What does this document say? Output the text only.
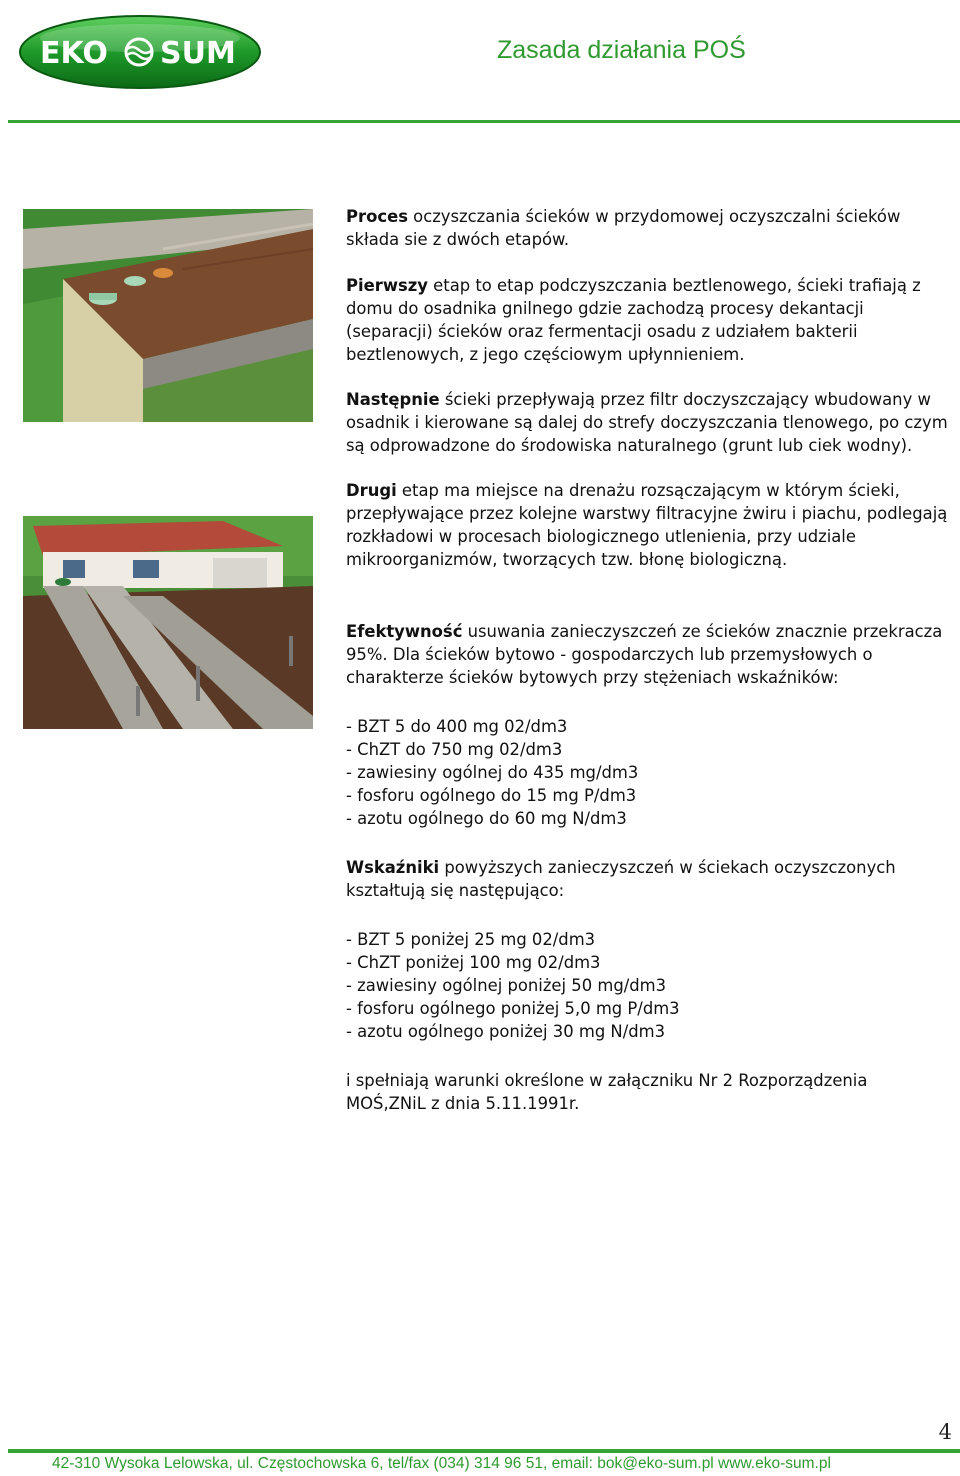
EKO SUM	Zasada działania POŚ

Proces oczyszczania ścieków w przydomowej oczyszczalni ścieków składa sie z dwóch etapów.

Pierwszy etap to etap podczyszczania beztlenowego, ścieki trafiają z domu do osadnika gnilnego gdzie zachodzą procesy dekantacji (separacji) ścieków oraz fermentacji osadu z udziałem bakterii beztlenowych, z jego częściowym upłynnieniem.

Następnie ścieki przepływają przez filtr doczyszczający wbudowany w osadnik i kierowane są dalej do strefy doczyszczania tlenowego, po czym są odprowadzone do środowiska naturalnego (grunt lub ciek wodny).

Drugi etap ma miejsce na drenażu rozsączającym w którym ścieki, przepływające przez kolejne warstwy filtracyjne żwiru i piachu, podlegają rozkładowi w procesach biologicznego utlenienia, przy udziale mikroorganizmów, tworzących tzw. błonę biologiczną.

Efektywność usuwania zanieczyszczeń ze ścieków znacznie przekracza 95%. Dla ścieków bytowo - gospodarczych lub przemysłowych o charakterze ścieków bytowych przy stężeniach wskaźników:

- BZT 5 do 400 mg 02/dm3
- ChZT do 750 mg 02/dm3
- zawiesiny ogólnej do 435 mg/dm3
- fosforu ogólnego do 15 mg P/dm3
- azotu ogólnego do 60 mg N/dm3

Wskaźniki powyższych zanieczyszczeń w ściekach oczyszczonych kształtują się następująco:

- BZT 5 poniżej 25 mg 02/dm3
- ChZT poniżej 100 mg 02/dm3
- zawiesiny ogólnej poniżej 50 mg/dm3
- fosforu ogólnego poniżej 5,0 mg P/dm3
- azotu ogólnego poniżej 30 mg N/dm3

i spełniają warunki określone w załączniku Nr 2 Rozporządzenia MOŚ,ZNiL z dnia 5.11.1991r.

4
42-310 Wysoka Lelowska, ul. Częstochowska 6, tel/fax (034) 314 96 51, email: bok@eko-sum.pl www.eko-sum.pl
